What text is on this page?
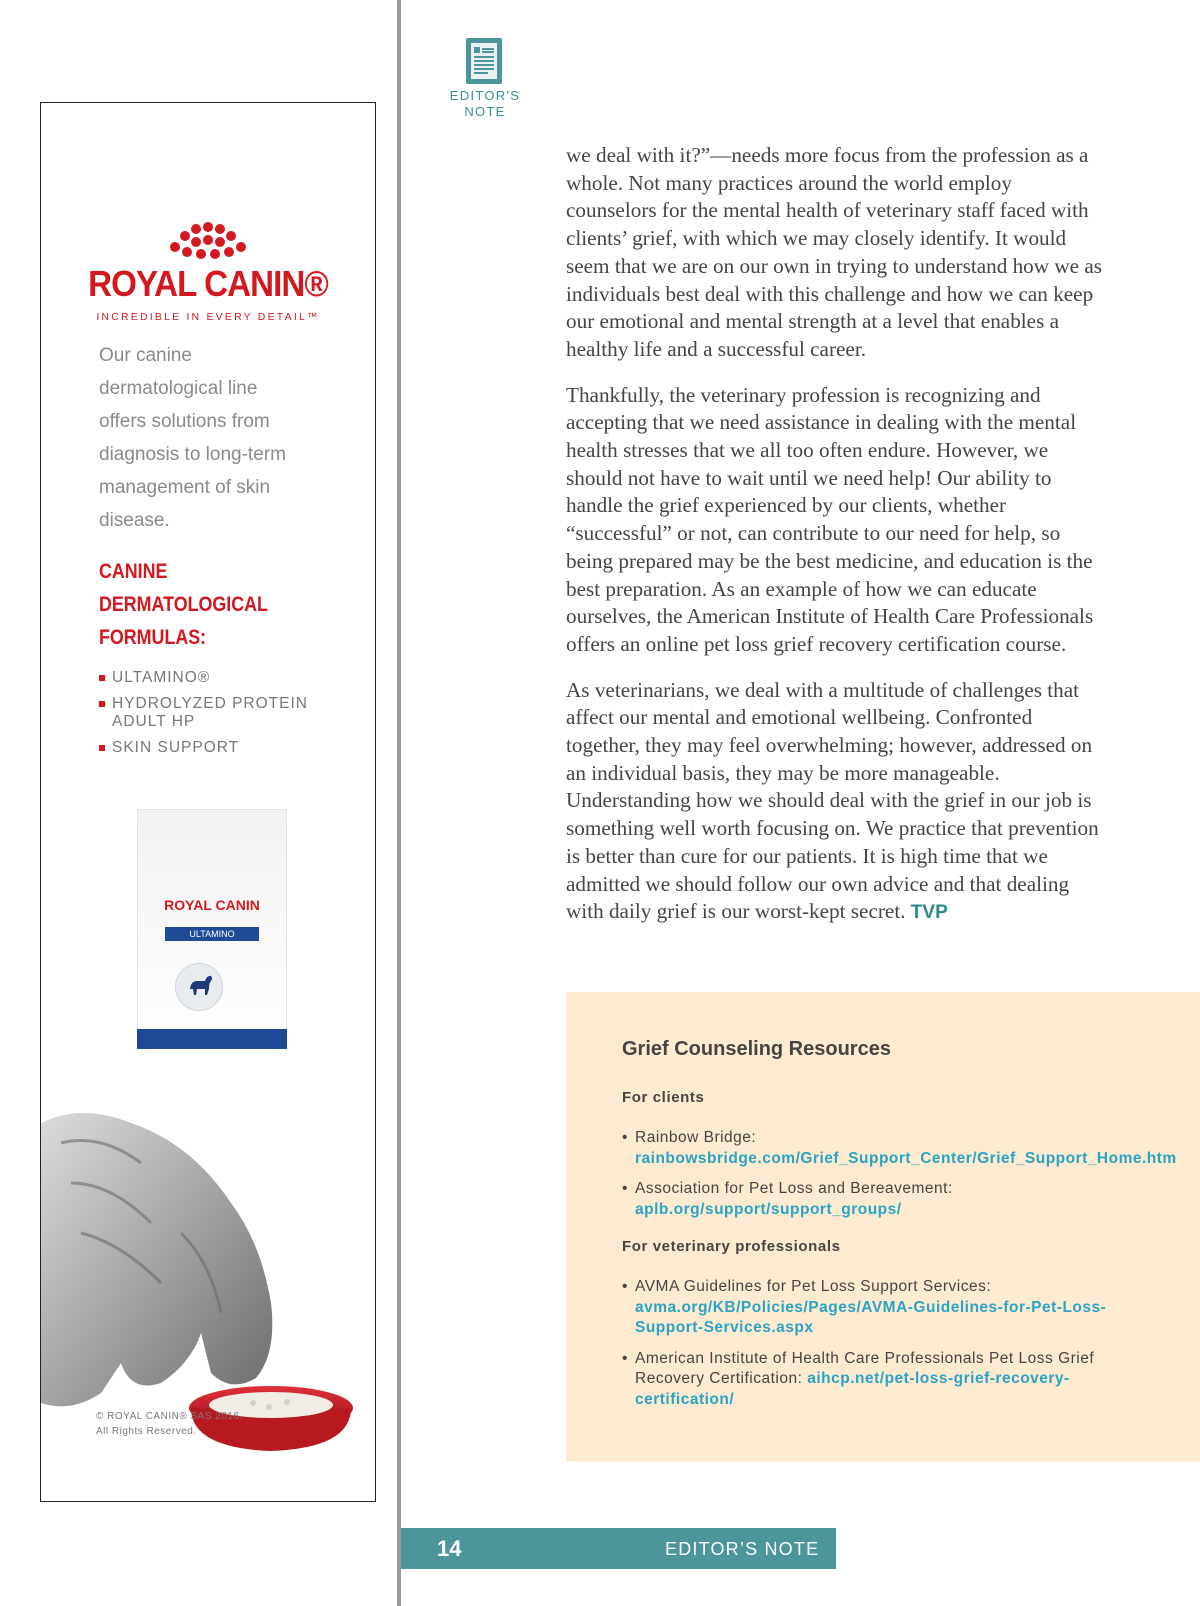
ROYAL CANIN®
INCREDIBLE IN EVERY DETAIL™
Our canine dermatological line offers solutions from diagnosis to long-term management of skin disease.
CANINE DERMATOLOGICAL FORMULAS:
ULTAMINO®
HYDROLYZED PROTEIN ADULT HP
SKIN SUPPORT
ROYAL CANIN
ULTAMINO
© ROYAL CANIN® SAS 2016.
All Rights Reserved.
EDITOR'S
NOTE

we deal with it?”—needs more focus from the profession as a whole. Not many practices around the world employ counselors for the mental health of veterinary staff faced with clients’ grief, with which we may closely identify. It would seem that we are on our own in trying to understand how we as individuals best deal with this challenge and how we can keep our emotional and mental strength at a level that enables a healthy life and a successful career.

Thankfully, the veterinary profession is recognizing and accepting that we need assistance in dealing with the mental health stresses that we all too often endure. However, we should not have to wait until we need help! Our ability to handle the grief experienced by our clients, whether “successful” or not, can contribute to our need for help, so being prepared may be the best medicine, and education is the best preparation. As an example of how we can educate ourselves, the American Institute of Health Care Professionals offers an online pet loss grief recovery certification course.

As veterinarians, we deal with a multitude of challenges that affect our mental and emotional wellbeing. Confronted together, they may feel overwhelming; however, addressed on an individual basis, they may be more manageable. Understanding how we should deal with the grief in our job is something well worth focusing on. We practice that prevention is better than cure for our patients. It is high time that we admitted we should follow our own advice and that dealing with daily grief is our worst-kept secret. TVP

Grief Counseling Resources
For clients
• Rainbow Bridge: rainbowsbridge.com/Grief_Support_Center/Grief_Support_Home.htm
• Association for Pet Loss and Bereavement: aplb.org/support/support_groups/
For veterinary professionals
• AVMA Guidelines for Pet Loss Support Services: avma.org/KB/Policies/Pages/AVMA-Guidelines-for-Pet-Loss-Support-Services.aspx
• American Institute of Health Care Professionals Pet Loss Grief Recovery Certification: aihcp.net/pet-loss-grief-recovery-certification/
14	EDITOR’S NOTE
